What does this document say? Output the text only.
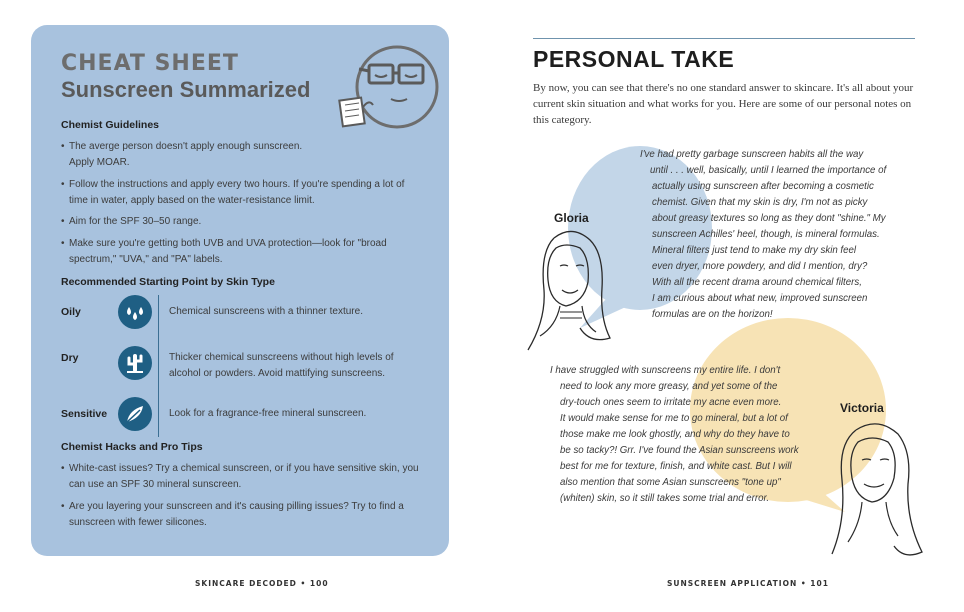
CHEAT SHEET
Sunscreen Summarized
Chemist Guidelines
• The averge person doesn't apply enough sunscreen.
Apply MOAR.
• Follow the instructions and apply every two hours. If you're spending a lot of
time in water, apply based on the water-resistance limit.
• Aim for the SPF 30–50 range.
• Make sure you're getting both UVB and UVA protection—look for "broad
spectrum," "UVA," and "PA" labels.
Recommended Starting Point by Skin Type
Oily	Chemical sunscreens with a thinner texture.
Dry	Thicker chemical sunscreens without high levels of
alcohol or powders. Avoid mattifying sunscreens.
Sensitive	Look for a fragrance-free mineral sunscreen.
Chemist Hacks and Pro Tips
• White-cast issues? Try a chemical sunscreen, or if you have sensitive skin, you
can use an SPF 30 mineral sunscreen.
• Are you layering your sunscreen and it's causing pilling issues? Try to find a
sunscreen with fewer silicones.
SKINCARE DECODED • 100
PERSONAL TAKE
By now, you can see that there's no one standard answer to skincare. It's all about your current skin situation and what works for you. Here are some of our personal notes on this category.
Gloria
I've had pretty garbage sunscreen habits all the way
until . . . well, basically, until I learned the importance of
actually using sunscreen after becoming a cosmetic
chemist. Given that my skin is dry, I'm not as picky
about greasy textures so long as they dont "shine." My
sunscreen Achilles' heel, though, is mineral formulas.
Mineral filters just tend to make my dry skin feel
even dryer, more powdery, and did I mention, dry?
With all the recent drama around chemical filters,
I am curious about what new, improved sunscreen
formulas are on the horizon!
I have struggled with sunscreens my entire life. I don't
need to look any more greasy, and yet some of the
dry-touch ones seem to irritate my acne even more.
It would make sense for me to go mineral, but a lot of
those make me look ghostly, and why do they have to
be so tacky?! Grr. I've found the Asian sunscreens work
best for me for texture, finish, and white cast. But I will
also mention that some Asian sunscreens "tone up"
(whiten) skin, so it still takes some trial and error.
Victoria
SUNSCREEN APPLICATION • 101
